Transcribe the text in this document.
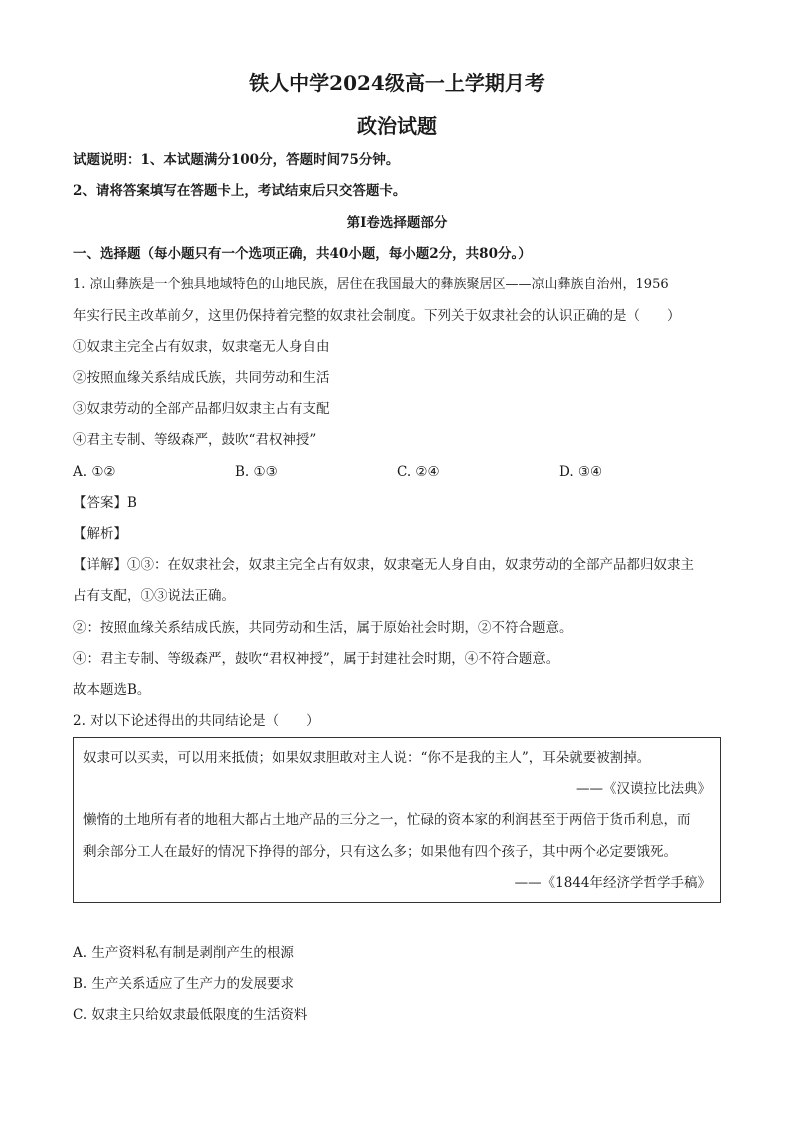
铁人中学2024级高一上学期月考
政治试题
试题说明：1、本试题满分100分，答题时间75分钟。
2、请将答案填写在答题卡上，考试结束后只交答题卡。
第Ⅰ卷选择题部分
一、选择题（每小题只有一个选项正确，共40小题，每小题2分，共80分。）
1. 凉山彝族是一个独具地域特色的山地民族，居住在我国最大的彝族聚居区——凉山彝族自治州，1956
年实行民主改革前夕，这里仍保持着完整的奴隶社会制度。下列关于奴隶社会的认识正确的是（　　）
①奴隶主完全占有奴隶，奴隶毫无人身自由
②按照血缘关系结成氏族，共同劳动和生活
③奴隶劳动的全部产品都归奴隶主占有支配
④君主专制、等级森严，鼓吹“君权神授”
A. ①②	B. ①③	C. ②④	D. ③④
【答案】B
【解析】
【详解】①③：在奴隶社会，奴隶主完全占有奴隶，奴隶毫无人身自由，奴隶劳动的全部产品都归奴隶主
占有支配，①③说法正确。
②：按照血缘关系结成氏族，共同劳动和生活，属于原始社会时期，②不符合题意。
④：君主专制、等级森严，鼓吹“君权神授”，属于封建社会时期，④不符合题意。
故本题选B。
2. 对以下论述得出的共同结论是（　　）
奴隶可以买卖，可以用来抵债；如果奴隶胆敢对主人说：“你不是我的主人”，耳朵就要被割掉。
——《汉谟拉比法典》
懒惰的土地所有者的地租大都占土地产品的三分之一，忙碌的资本家的利润甚至于两倍于货币利息，而
剩余部分工人在最好的情况下挣得的部分，只有这么多；如果他有四个孩子，其中两个必定要饿死。
——《1844年经济学哲学手稿》
A. 生产资料私有制是剥削产生的根源
B. 生产关系适应了生产力的发展要求
C. 奴隶主只给奴隶最低限度的生活资料
